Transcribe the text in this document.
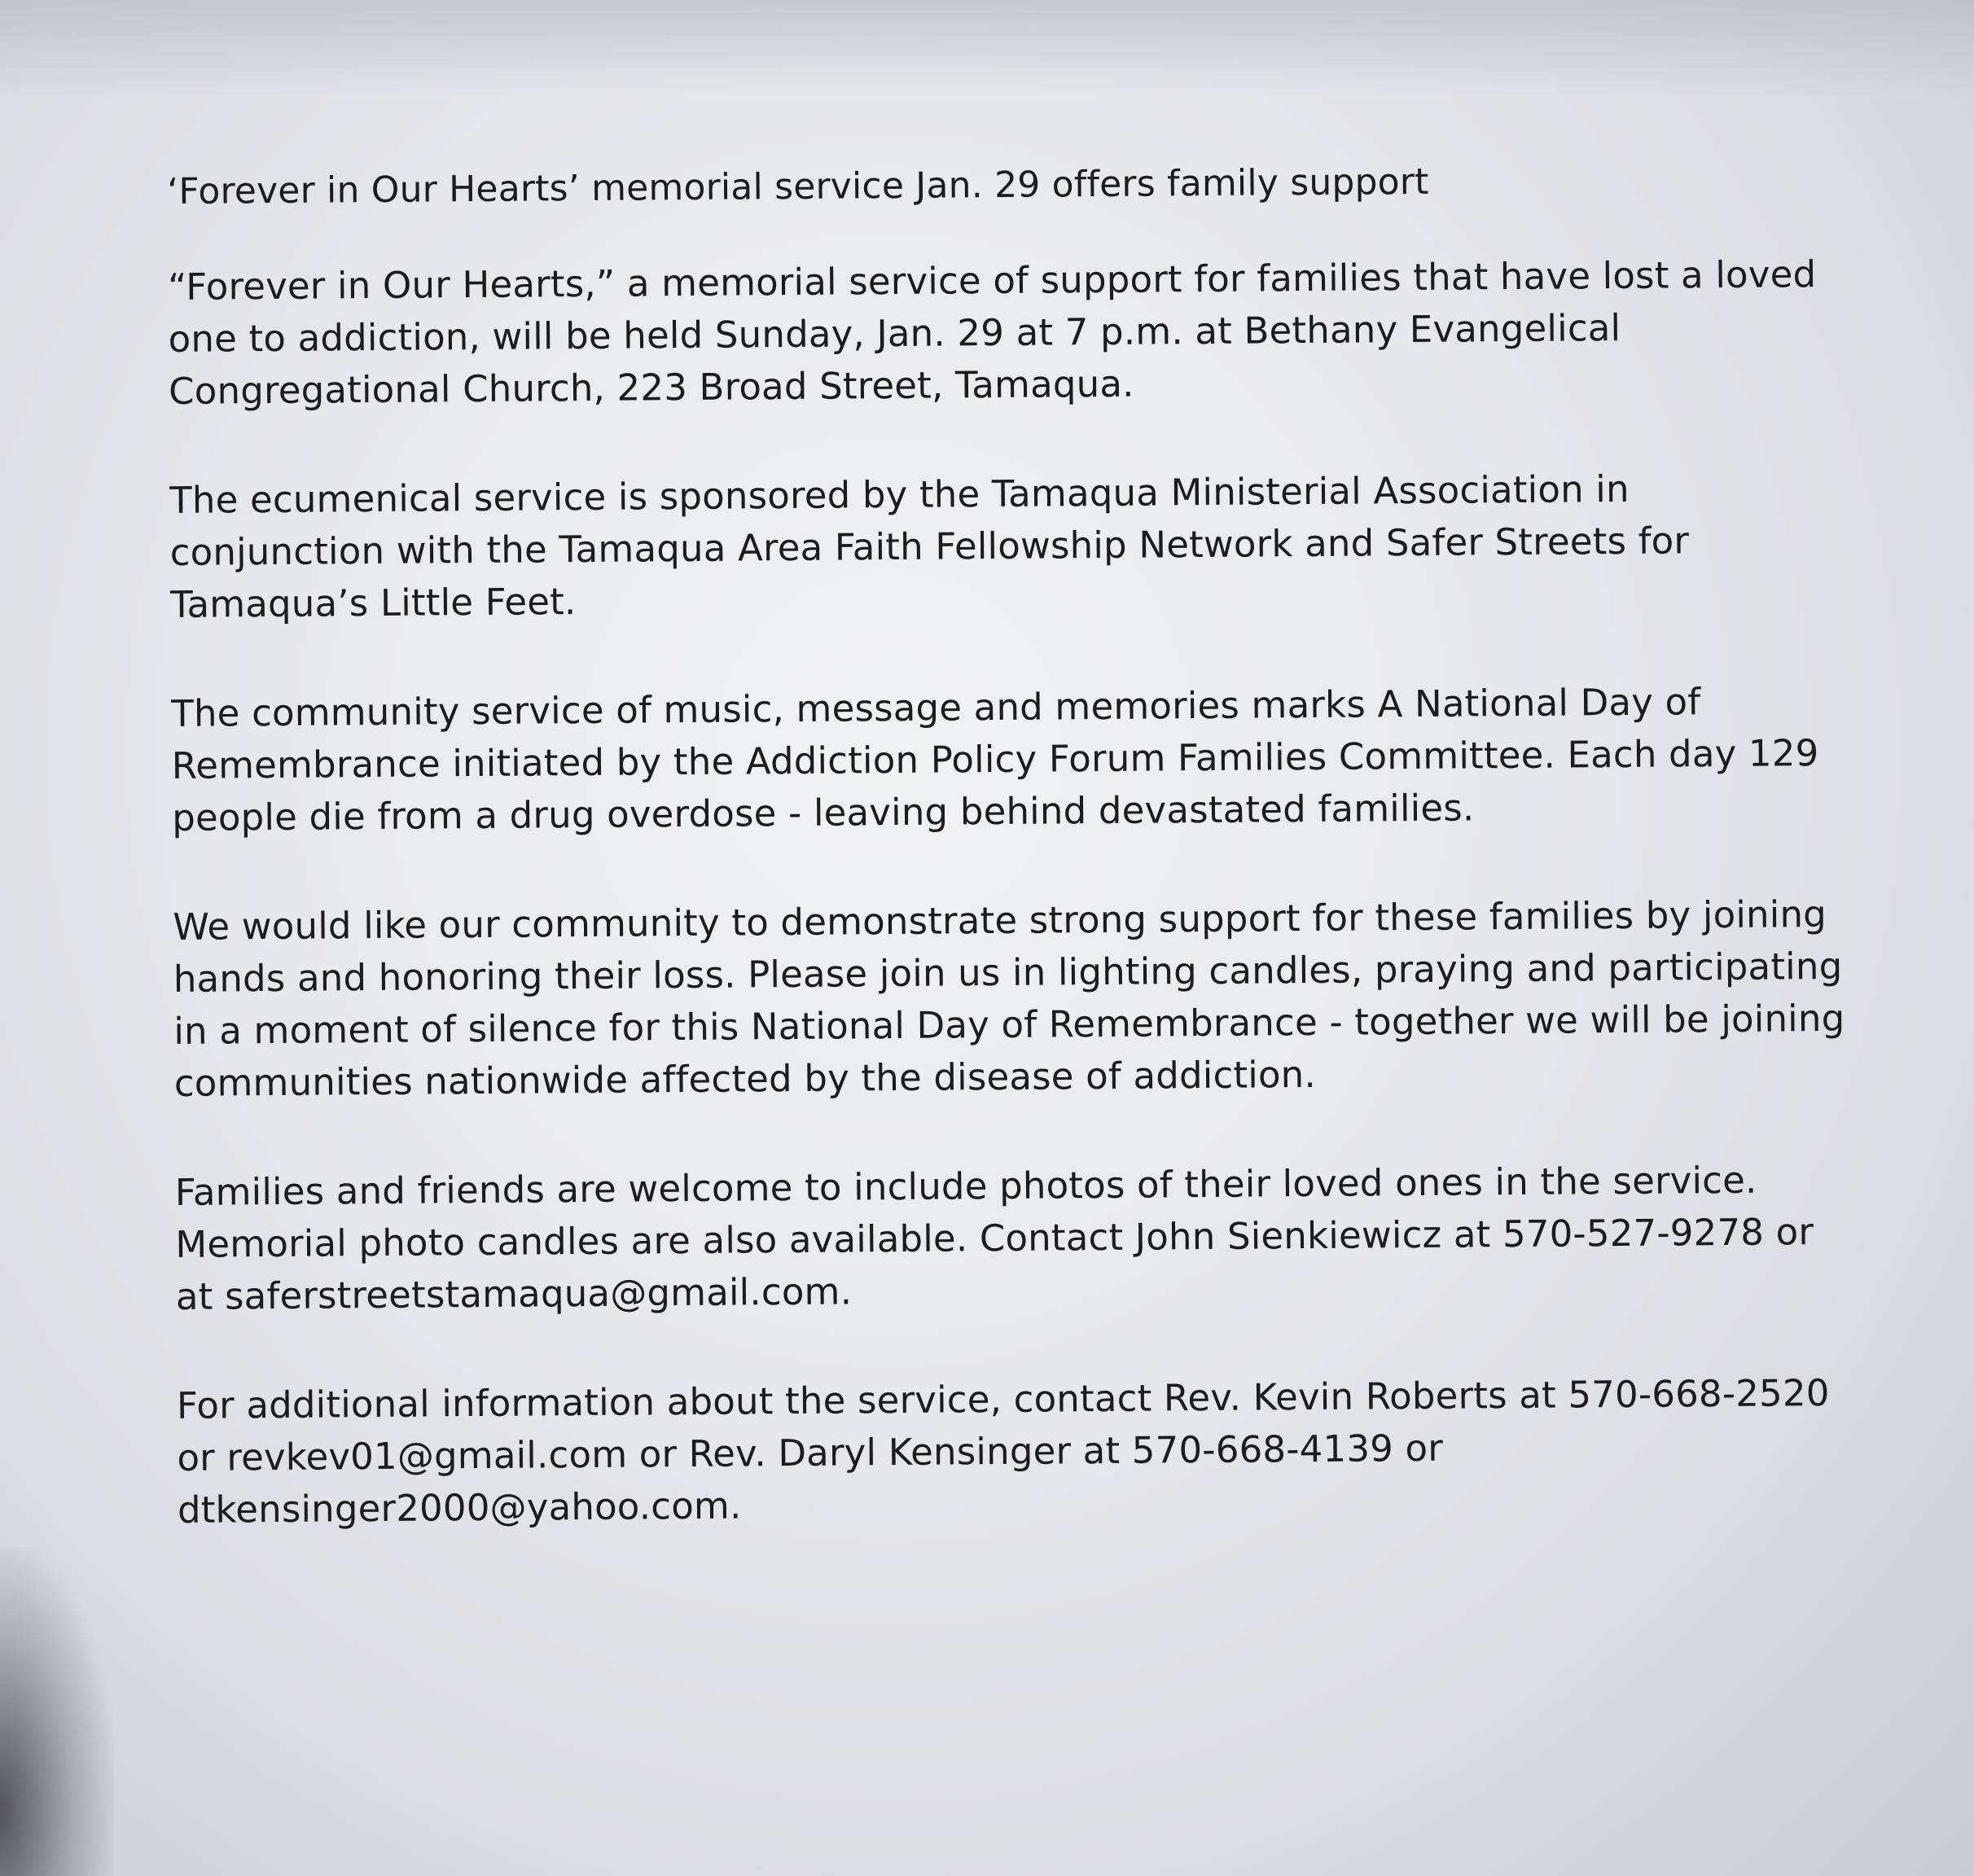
‘Forever in Our Hearts’ memorial service Jan. 29 offers family support

“Forever in Our Hearts,” a memorial service of support for families that have lost a loved one to addiction, will be held Sunday, Jan. 29 at 7 p.m. at Bethany Evangelical Congregational Church, 223 Broad Street, Tamaqua.

The ecumenical service is sponsored by the Tamaqua Ministerial Association in conjunction with the Tamaqua Area Faith Fellowship Network and Safer Streets for Tamaqua’s Little Feet.

The community service of music, message and memories marks A National Day of Remembrance initiated by the Addiction Policy Forum Families Committee. Each day 129 people die from a drug overdose - leaving behind devastated families.

We would like our community to demonstrate strong support for these families by joining hands and honoring their loss. Please join us in lighting candles, praying and participating in a moment of silence for this National Day of Remembrance - together we will be joining communities nationwide affected by the disease of addiction.

Families and friends are welcome to include photos of their loved ones in the service. Memorial photo candles are also available. Contact John Sienkiewicz at 570-527-9278 or at saferstreetstamaqua@gmail.com.

For additional information about the service, contact Rev. Kevin Roberts at 570-668-2520 or revkev01@gmail.com or Rev. Daryl Kensinger at 570-668-4139 or dtkensinger2000@yahoo.com.
